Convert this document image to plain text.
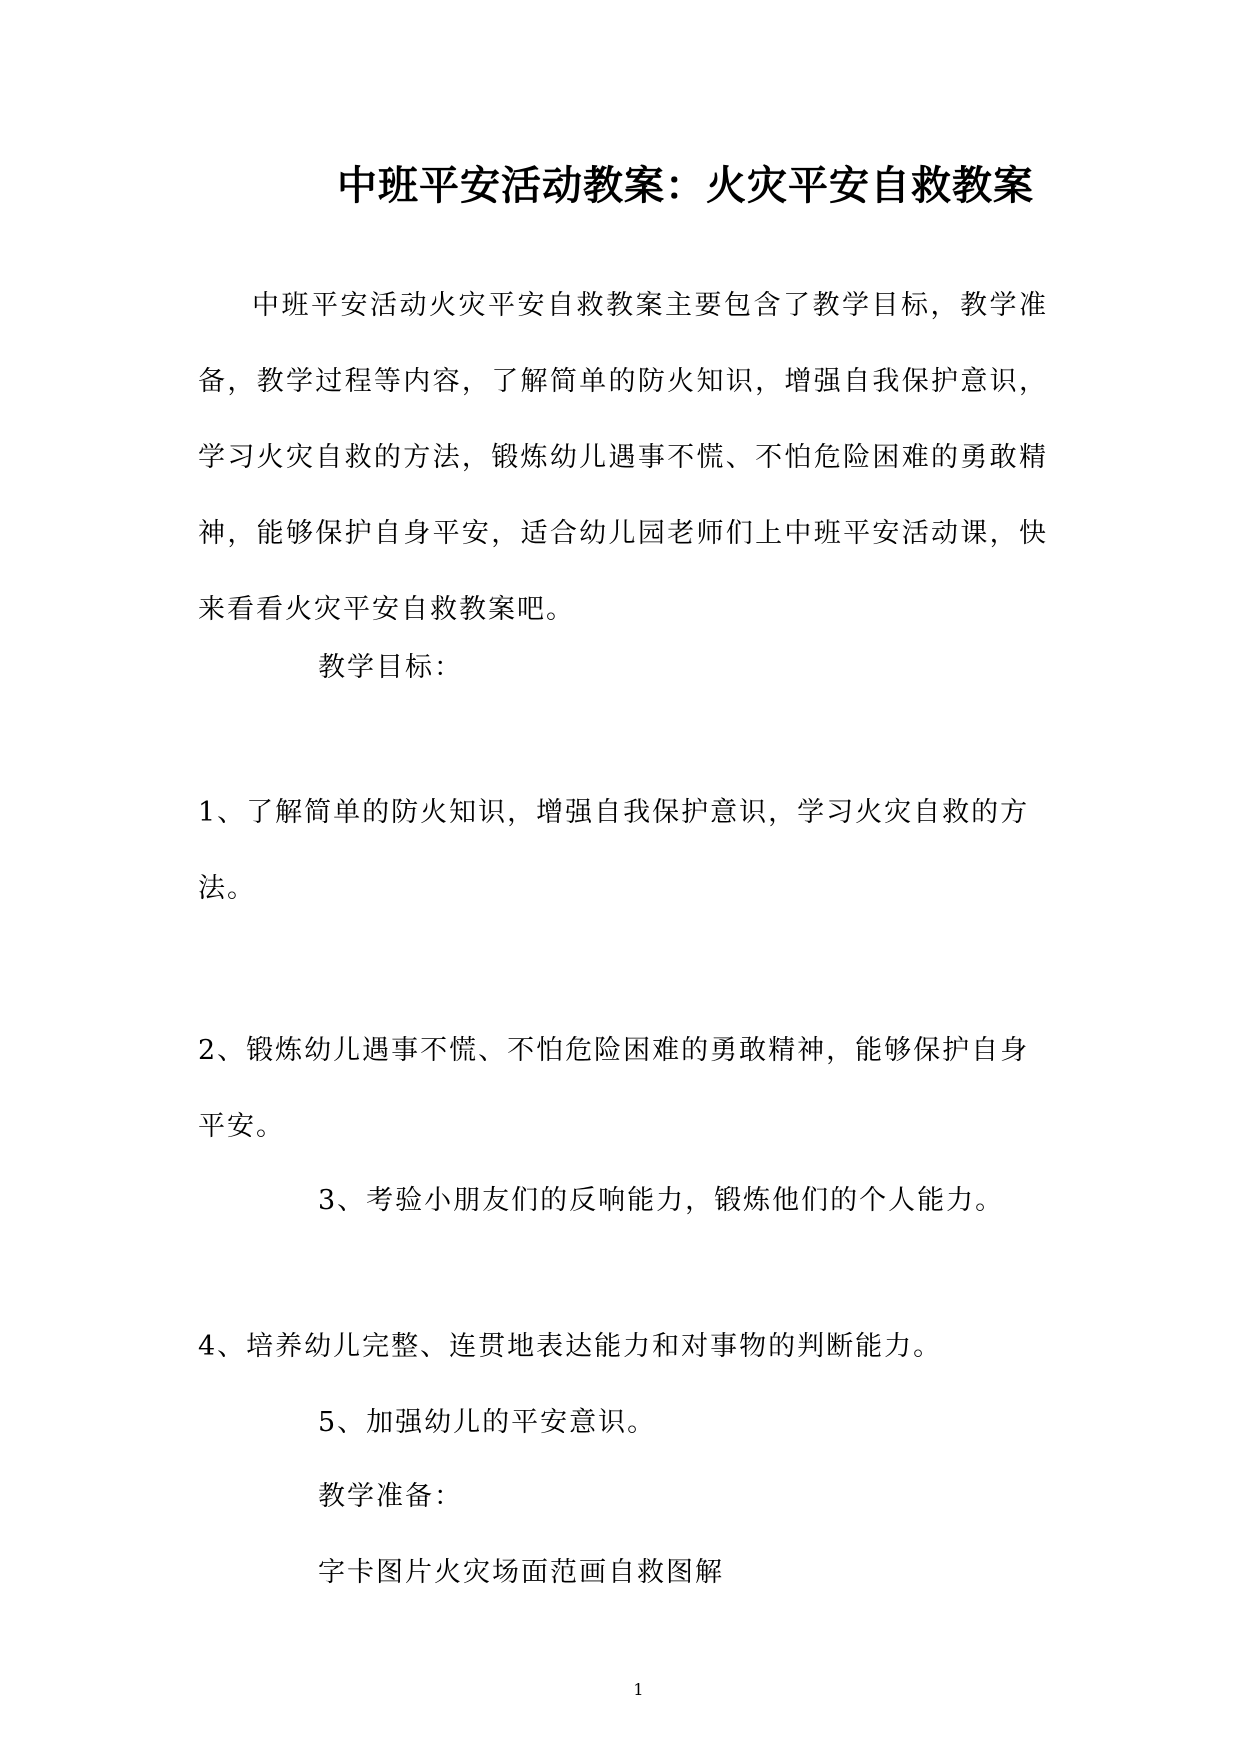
中班平安活动教案：火灾平安自救教案
中班平安活动火灾平安自救教案主要包含了教学目标，教学准备，教学过程等内容，了解简单的防火知识，增强自我保护意识，学习火灾自救的方法，锻炼幼儿遇事不慌、不怕危险困难的勇敢精神，能够保护自身平安，适合幼儿园老师们上中班平安活动课，快来看看火灾平安自救教案吧。
教学目标：
1、了解简单的防火知识，增强自我保护意识，学习火灾自救的方
法。
2、锻炼幼儿遇事不慌、不怕危险困难的勇敢精神，能够保护自身
平安。
3、考验小朋友们的反响能力，锻炼他们的个人能力。
4、培养幼儿完整、连贯地表达能力和对事物的判断能力。
5、加强幼儿的平安意识。
教学准备：
字卡图片火灾场面范画自救图解
1
